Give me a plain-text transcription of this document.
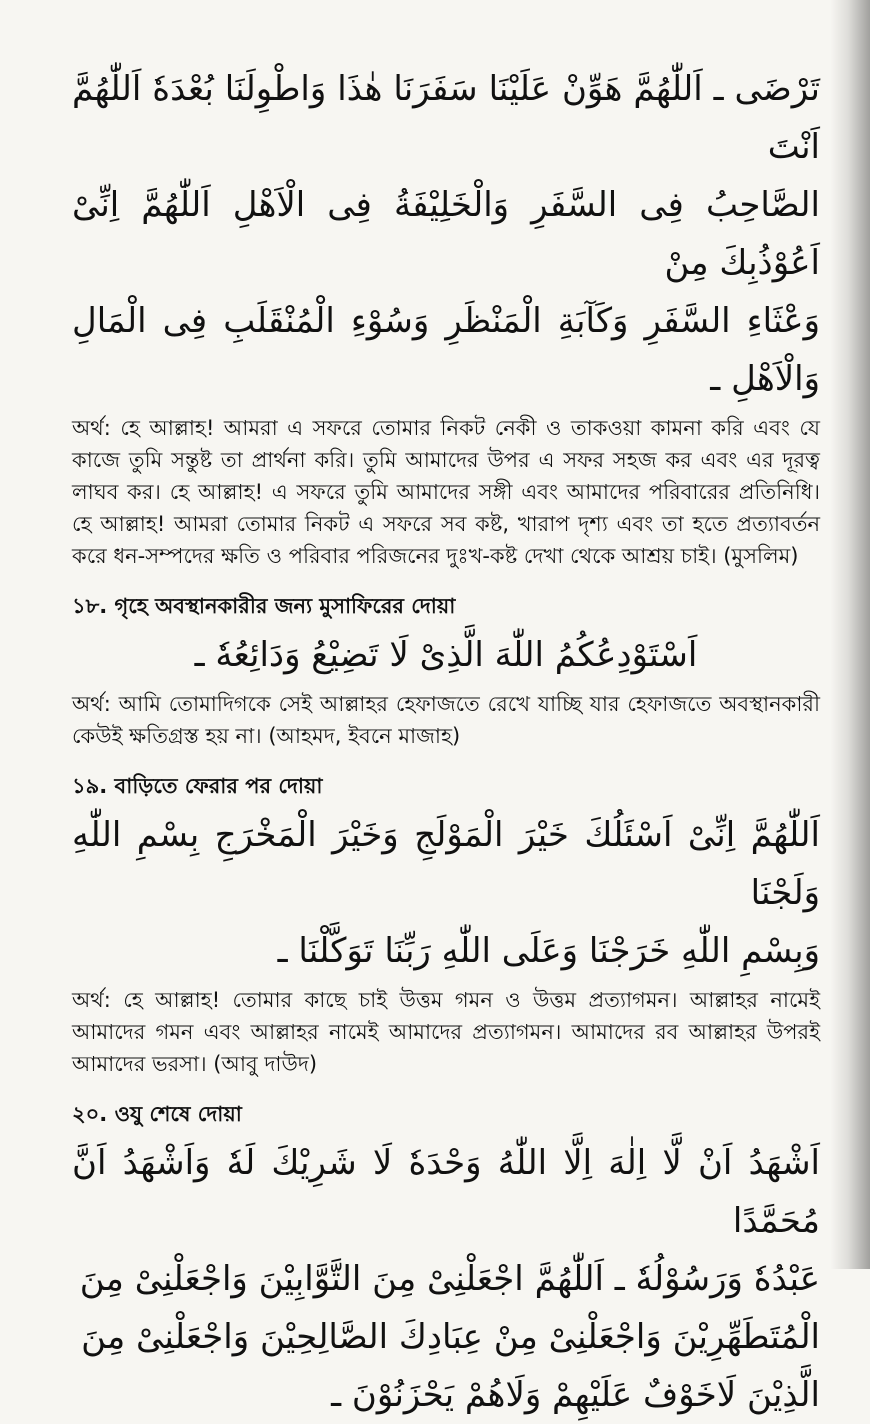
تَرْضَى ـ اَللّٰهُمَّ هَوِّنْ عَلَيْنَا سَفَرَنَا هٰذَا وَاطْوِلَنَا بُعْدَهٗ اَللّٰهُمَّ اَنْتَ

الصَّاحِبُ فِى السَّفَرِ وَالْخَلِيْفَةُ فِى الْاَهْلِ اَللّٰهُمَّ اِنِّىْ اَعُوْذُبِكَ مِنْ

وَعْثَاءِ السَّفَرِ وَكَآبَةِ الْمَنْظَرِ وَسُوْءِ الْمُنْقَلَبِ فِى الْمَالِ وَالْاَهْلِ ـ

অর্থ: হে আল্লাহ! আমরা এ সফরে তোমার নিকট নেকী ও তাকওয়া কামনা করি এবং যে কাজে তুমি সন্তুষ্ট তা প্রার্থনা করি। তুমি আমাদের উপর এ সফর সহজ কর এবং এর দূরত্ব লাঘব কর। হে আল্লাহ! এ সফরে তুমি আমাদের সঙ্গী এবং আমাদের পরিবারের প্রতিনিধি। হে আল্লাহ! আমরা তোমার নিকট এ সফরে সব কষ্ট, খারাপ দৃশ্য এবং তা হতে প্রত্যাবর্তন করে ধন-সম্পদের ক্ষতি ও পরিবার পরিজনের দুঃখ-কষ্ট দেখা থেকে আশ্রয় চাই। (মুসলিম)

১৮. গৃহে অবস্থানকারীর জন্য মুসাফিরের দোয়া

اَسْتَوْدِعُكُمُ اللّٰهَ الَّذِىْ لَا تَضِيْعُ وَدَائِعُهٗ ـ

অর্থ: আমি তোমাদিগকে সেই আল্লাহর হেফাজতে রেখে যাচ্ছি যার হেফাজতে অবস্থানকারী কেউই ক্ষতিগ্রস্ত হয় না। (আহমদ, ইবনে মাজাহ)

১৯. বাড়িতে ফেরার পর দোয়া

اَللّٰهُمَّ اِنِّىْ اَسْئَلُكَ خَيْرَ الْمَوْلَجِ وَخَيْرَ الْمَخْرَجِ بِسْمِ اللّٰهِ وَلَجْنَا

وَبِسْمِ اللّٰهِ خَرَجْنَا وَعَلَى اللّٰهِ رَبِّنَا تَوَكَّلْنَا ـ

অর্থ: হে আল্লাহ! তোমার কাছে চাই উত্তম গমন ও উত্তম প্রত্যাগমন। আল্লাহর নামেই আমাদের গমন এবং আল্লাহর নামেই আমাদের প্রত্যাগমন। আমাদের রব আল্লাহর উপরই আমাদের ভরসা। (আবু দাউদ)

২০. ওযু শেষে দোয়া

اَشْهَدُ اَنْ لَّا اِلٰهَ اِلَّا اللّٰهُ وَحْدَهٗ لَا شَرِيْكَ لَهٗ وَاَشْهَدُ اَنَّ مُحَمَّدًا

عَبْدُهٗ وَرَسُوْلُهٗ ـ اَللّٰهُمَّ اجْعَلْنِىْ مِنَ التَّوَّابِيْنَ وَاجْعَلْنِىْ مِنَ

الْمُتَطَهِّرِيْنَ وَاجْعَلْنِىْ مِنْ عِبَادِكَ الصَّالِحِيْنَ وَاجْعَلْنِىْ مِنَ

الَّذِيْنَ لَاخَوْفٌ عَلَيْهِمْ وَلَاهُمْ يَحْزَنُوْنَ ـ
